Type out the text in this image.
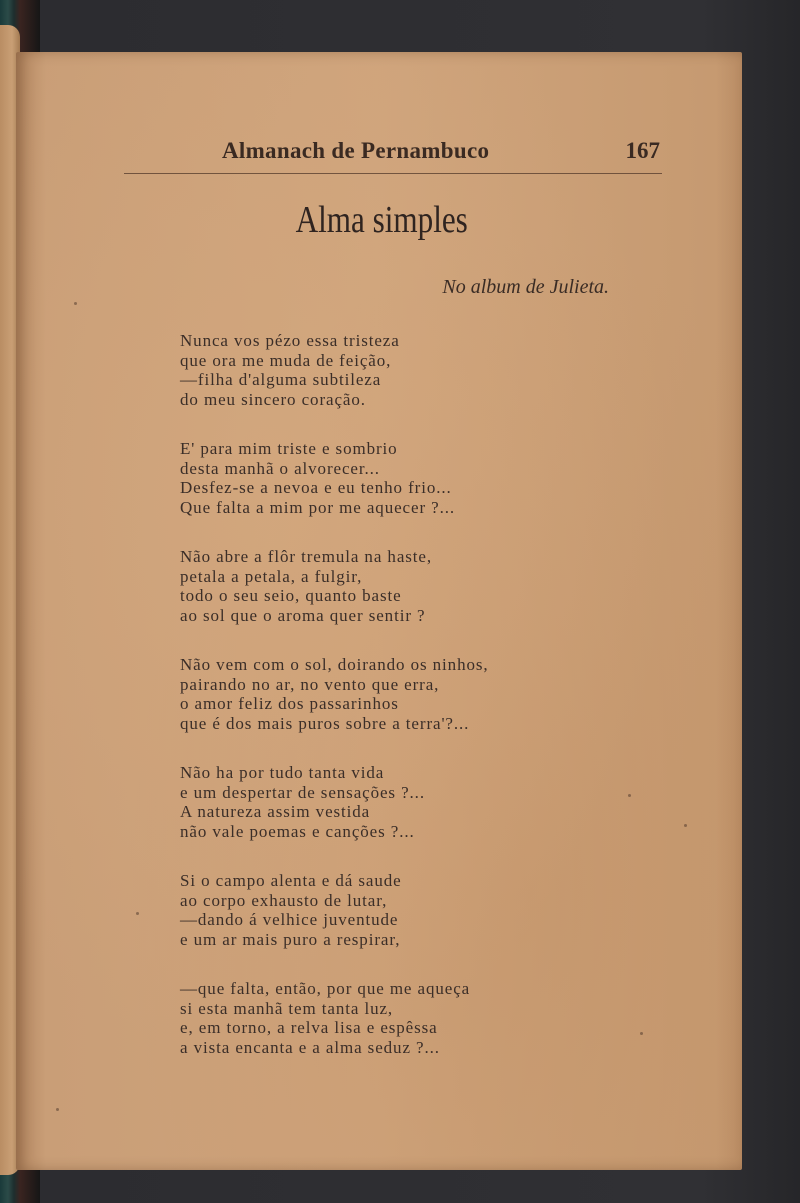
Almanach de Pernambuco	167
Alma simples
No album de Julieta.
Nunca vos pézo essa tristeza
que ora me muda de feição,
—filha d'alguma subtileza
do meu sincero coração.
E' para mim triste e sombrio
desta manhã o alvorecer...
Desfez-se a nevoa e eu tenho frio...
Que falta a mim por me aquecer ?...
Não abre a flôr tremula na haste,
petala a petala, a fulgir,
todo o seu seio, quanto baste
ao sol que o aroma quer sentir ?
Não vem com o sol, doirando os ninhos,
pairando no ar, no vento que erra,
o amor feliz dos passarinhos
que é dos mais puros sobre a terra'?...
Não ha por tudo tanta vida
e um despertar de sensações ?...
A natureza assim vestida
não vale poemas e canções ?...
Si o campo alenta e dá saude
ao corpo exhausto de lutar,
—dando á velhice juventude
e um ar mais puro a respirar,
—que falta, então, por que me aqueça
si esta manhã tem tanta luz,
e, em torno, a relva lisa e espêssa
a vista encanta e a alma seduz ?...
